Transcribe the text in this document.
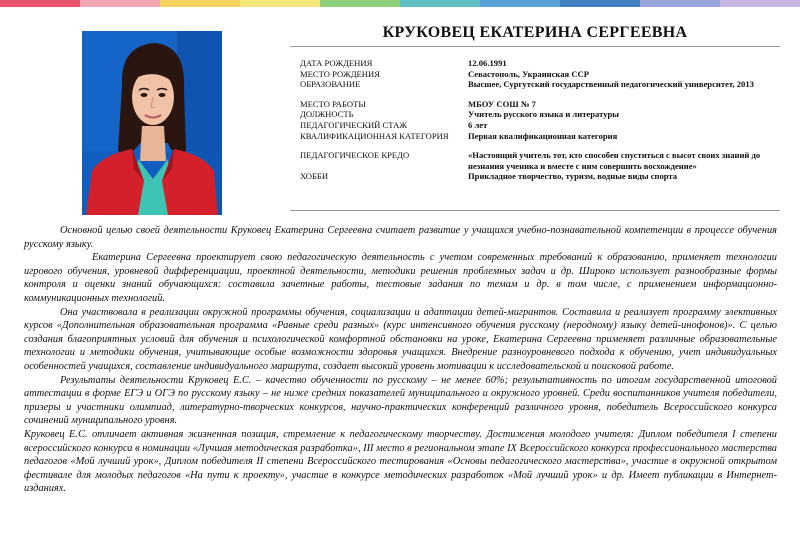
КРУКОВЕЦ ЕКАТЕРИНА СЕРГЕЕВНА
ДАТА РОЖДЕНИЯ	12.06.1991
МЕСТО РОЖДЕНИЯ	Севастополь, Украинская ССР
ОБРАЗОВАНИЕ	Высшее, Сургутский государственный педагогический университет, 2013
МЕСТО РАБОТЫ	МБОУ СОШ № 7
ДОЛЖНОСТЬ	Учитель русского языка и литературы
ПЕДАГОГИЧЕСКИЙ СТАЖ	6 лет
КВАЛИФИКАЦИОННАЯ КАТЕГОРИЯ	Первая квалификационная категория
ПЕДАГОГИЧЕСКОЕ КРЕДО	«Настоящий учитель тот, кто способен спуститься с высот своих знаний до незнания ученика и вместе с ним совершить восхождение»
ХОББИ	Прикладное творчество, туризм, водные виды спорта

Основной целью своей деятельности Круковец Екатерина Сергеевна считает развитие у учащихся учебно-познавательной компетенции в процессе обучения русскому языку.

Екатерина Сергеевна проектирует свою педагогическую деятельность с учетом современных требований к образованию, применяет технологии игрового обучения, уровневой дифференциации, проектной деятельности, методики решения проблемных задач и др. Широко использует разнообразные формы контроля и оценки знаний обучающихся: составила зачетные работы, тестовые задания по темам и др. в том числе, с применением информационно-коммуникационных технологий.

Она участвовала в реализации окружной программы обучения, социализации и адаптации детей-мигрантов. Составила и реализует программу элективных курсов «Дополнительная образовательная программа «Равные среди разных» (курс интенсивного обучения русскому (неродному) языку детей-инофонов)». С целью создания благоприятных условий для обучения и психологической комфортной обстановки на уроке, Екатерина Сергеевна применяет различные образовательные технологии и методики обучения, учитывающие особые возможности здоровья учащихся. Внедрение разноуровневого подхода к обучению, учет индивидуальных особенностей учащихся, составление индивидуального маршрута, создает высокий уровень мотивации к исследовательской и поисковой работе.

Результаты деятельности Круковец Е.С. – качество обученности по русскому – не менее 60%; результативность по итогам государственной итоговой аттестации в форме ЕГЭ и ОГЭ по русскому языку – не ниже средних показателей муниципального и окружного уровней. Среди воспитанников учителя победители, призеры и участники олимпиад, литературно-творческих конкурсов, научно-практических конференций различного уровня, победитель Всероссийского конкурса сочинений муниципального уровня.

Круковец Е.С. отличает активная жизненная позиция, стремление к педагогическому творчеству. Достижения молодого учителя: Диплом победителя I степени всероссийского конкурса в номинации «Лучшая методическая разработка», III место в региональном этапе IX Всероссийского конкурса профессионального мастерства педагогов «Мой лучший урок», Диплом победителя II степени Всероссийского тестирования «Основы педагогического мастерства», участие в окружной открытом фестивале для молодых педагогов «На пути к проекту», участие в конкурсе методических разработок «Мой лучший урок» и др. Имеет публикации в Интернет-изданиях.
